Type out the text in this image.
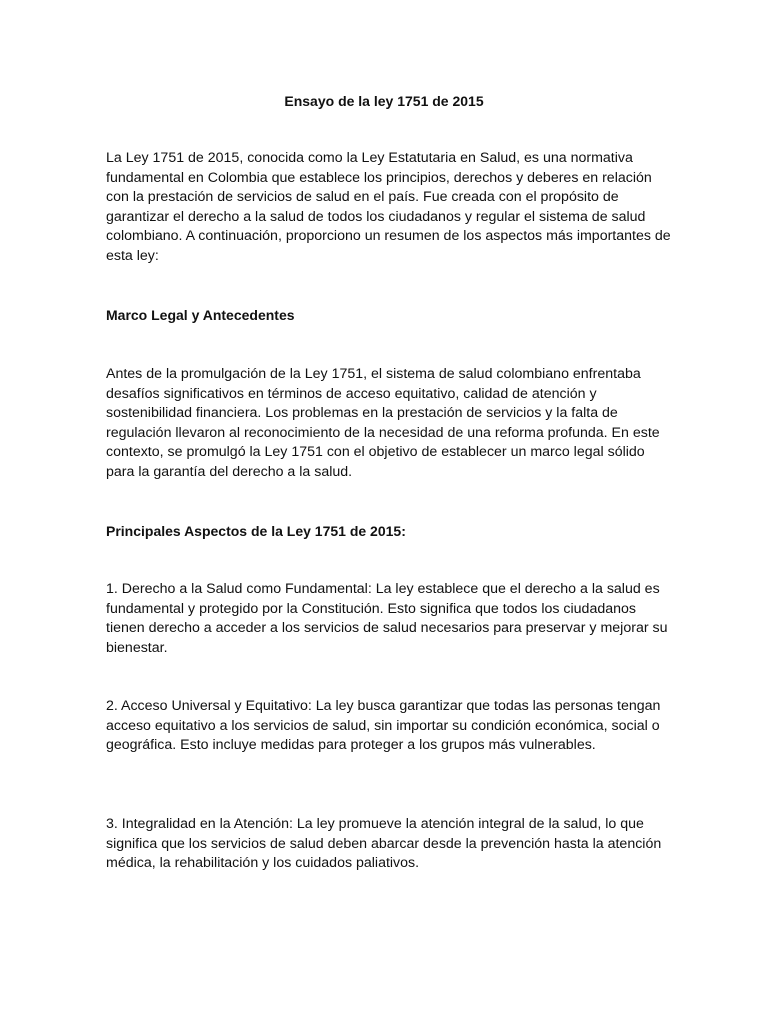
Ensayo de la ley 1751 de 2015

La Ley 1751 de 2015, conocida como la Ley Estatutaria en Salud, es una normativa fundamental en Colombia que establece los principios, derechos y deberes en relación con la prestación de servicios de salud en el país. Fue creada con el propósito de garantizar el derecho a la salud de todos los ciudadanos y regular el sistema de salud colombiano. A continuación, proporciono un resumen de los aspectos más importantes de esta ley:

Marco Legal y Antecedentes

Antes de la promulgación de la Ley 1751, el sistema de salud colombiano enfrentaba desafíos significativos en términos de acceso equitativo, calidad de atención y sostenibilidad financiera. Los problemas en la prestación de servicios y la falta de regulación llevaron al reconocimiento de la necesidad de una reforma profunda. En este contexto, se promulgó la Ley 1751 con el objetivo de establecer un marco legal sólido para la garantía del derecho a la salud.

Principales Aspectos de la Ley 1751 de 2015:

1. Derecho a la Salud como Fundamental: La ley establece que el derecho a la salud es fundamental y protegido por la Constitución. Esto significa que todos los ciudadanos tienen derecho a acceder a los servicios de salud necesarios para preservar y mejorar su bienestar.

2. Acceso Universal y Equitativo: La ley busca garantizar que todas las personas tengan acceso equitativo a los servicios de salud, sin importar su condición económica, social o geográfica. Esto incluye medidas para proteger a los grupos más vulnerables.

3. Integralidad en la Atención: La ley promueve la atención integral de la salud, lo que significa que los servicios de salud deben abarcar desde la prevención hasta la atención médica, la rehabilitación y los cuidados paliativos.
